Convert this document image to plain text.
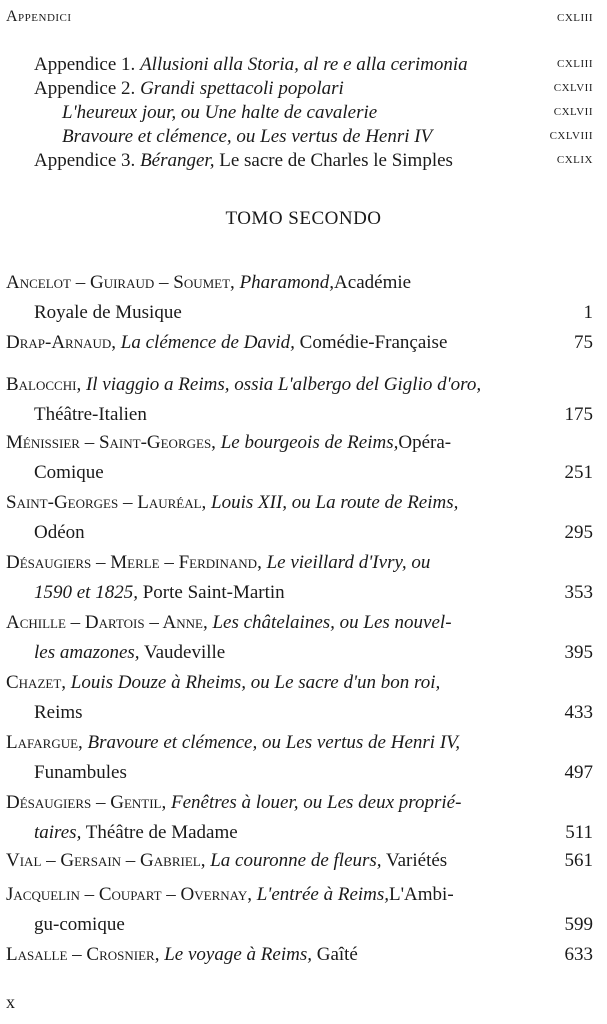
Appendici	cxliii
Appendice 1. Allusioni alla Storia, al re e alla cerimonia	cxliii
Appendice 2. Grandi spettacoli popolari	cxlvii
L'heureux jour, ou Une halte de cavalerie	cxlvii
Bravoure et clémence, ou Les vertus de Henri IV	cxlviii
Appendice 3. Béranger, Le sacre de Charles le Simples	cxlix
TOMO SECONDO
Ancelot – Guiraud – Soumet, Pharamond,Académie
Royale de Musique	1
Drap-Arnaud, La clémence de David, Comédie-Française	75
Balocchi, Il viaggio a Reims, ossia L'albergo del Giglio d'oro,
Théâtre-Italien	175
Ménissier – Saint-Georges, Le bourgeois de Reims,Opéra-
Comique	251
Saint-Georges – Lauréal, Louis XII, ou La route de Reims,
Odéon	295
Désaugiers – Merle – Ferdinand, Le vieillard d'Ivry, ou
1590 et 1825, Porte Saint-Martin	353
Achille – Dartois – Anne, Les châtelaines, ou Les nouvel-
les amazones, Vaudeville	395
Chazet, Louis Douze à Rheims, ou Le sacre d'un bon roi,
Reims	433
Lafargue, Bravoure et clémence, ou Les vertus de Henri IV,
Funambules	497
Désaugiers – Gentil, Fenêtres à louer, ou Les deux proprié-
taires, Théâtre de Madame	511
Vial – Gersain – Gabriel, La couronne de fleurs, Variétés	561
Jacquelin – Coupart – Overnay, L'entrée à Reims,L'Ambi-
gu-comique	599
Lasalle – Crosnier, Le voyage à Reims, Gaîté	633
x
